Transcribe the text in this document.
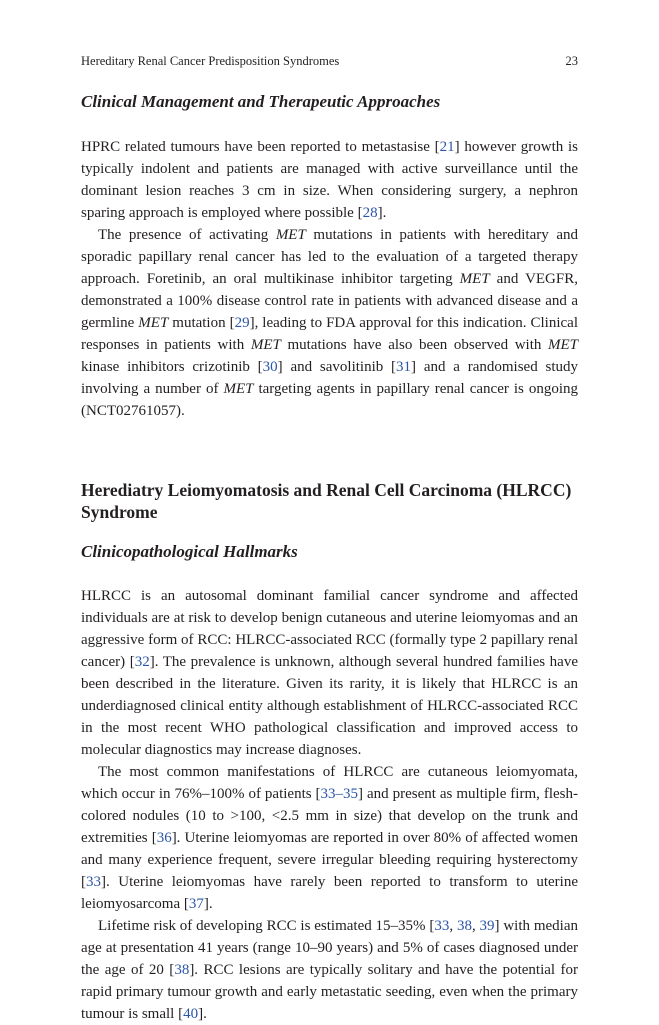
Hereditary Renal Cancer Predisposition Syndromes	23
Clinical Management and Therapeutic Approaches

HPRC related tumours have been reported to metastasise [21] however growth is typically indolent and patients are managed with active surveillance until the dominant lesion reaches 3 cm in size. When considering surgery, a nephron sparing approach is employed where possible [28].

The presence of activating MET mutations in patients with hereditary and sporadic papillary renal cancer has led to the evaluation of a targeted therapy approach. Foretinib, an oral multikinase inhibitor targeting MET and VEGFR, demonstrated a 100% disease control rate in patients with advanced disease and a germline MET mutation [29], leading to FDA approval for this indication. Clinical responses in patients with MET mutations have also been observed with MET kinase inhibitors crizotinib [30] and savolitinib [31] and a randomised study involving a number of MET targeting agents in papillary renal cancer is ongoing (NCT02761057).

Herediatry Leiomyomatosis and Renal Cell Carcinoma (HLRCC) Syndrome
Clinicopathological Hallmarks

HLRCC is an autosomal dominant familial cancer syndrome and affected individuals are at risk to develop benign cutaneous and uterine leiomyomas and an aggressive form of RCC: HLRCC-associated RCC (formally type 2 papillary renal cancer) [32]. The prevalence is unknown, although several hundred families have been described in the literature. Given its rarity, it is likely that HLRCC is an underdiagnosed clinical entity although establishment of HLRCC-associated RCC in the most recent WHO pathological classification and improved access to molecular diagnostics may increase diagnoses.

The most common manifestations of HLRCC are cutaneous leiomyomata, which occur in 76%–100% of patients [33–35] and present as multiple firm, flesh-colored nodules (10 to >100, <2.5 mm in size) that develop on the trunk and extremities [36]. Uterine leiomyomas are reported in over 80% of affected women and many experience frequent, severe irregular bleeding requiring hysterectomy [33]. Uterine leiomyomas have rarely been reported to transform to uterine leiomyosarcoma [37].

Lifetime risk of developing RCC is estimated 15–35% [33, 38, 39] with median age at presentation 41 years (range 10–90 years) and 5% of cases diagnosed under the age of 20 [38]. RCC lesions are typically solitary and have the potential for rapid primary tumour growth and early metastatic seeding, even when the primary tumour is small [40].
